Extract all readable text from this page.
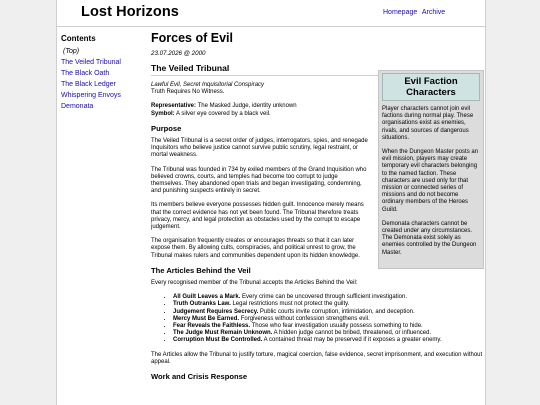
Lost Horizons	Homepage Archive
Contents
(Top)
The Veiled Tribunal
The Black Oath
The Black Ledger
Whispering Envoys
Demonata
Forces of Evil
23.07.2026 @ 2000
The Veiled Tribunal

Lawful Evil, Secret Inquisitorial Conspiracy

Truth Requires No Witness.

Representative: The Masked Judge, identity unknown
Symbol: A silver eye covered by a black veil.

Purpose

The Veiled Tribunal is a secret order of judges, interrogators, spies, and renegade Inquisitors who believe justice cannot survive public scrutiny, legal restraint, or mortal weakness.

The Tribunal was founded in 734 by exiled members of the Grand Inquisition who believed crowns, courts, and temples had become too corrupt to judge themselves. They abandoned open trials and began investigating, condemning, and punishing suspects entirely in secret.

Its members believe everyone possesses hidden guilt. Innocence merely means that the correct evidence has not yet been found. The Tribunal therefore treats privacy, mercy, and legal protection as obstacles used by the corrupt to escape judgement.

The organisation frequently creates or encourages threats so that it can later expose them. By allowing cults, conspiracies, and political unrest to grow, the Tribunal makes rulers and communities dependent upon its hidden knowledge.

The Articles Behind the Veil

Every recognised member of the Tribunal accepts the Articles Behind the Veil:

• All Guilt Leaves a Mark. Every crime can be uncovered through sufficient investigation.
• Truth Outranks Law. Legal restrictions must not protect the guilty.
• Judgement Requires Secrecy. Public courts invite corruption, intimidation, and deception.
• Mercy Must Be Earned. Forgiveness without confession strengthens evil.
• Fear Reveals the Faithless. Those who fear investigation usually possess something to hide.
• The Judge Must Remain Unknown. A hidden judge cannot be bribed, threatened, or influenced.
• Corruption Must Be Controlled. A contained threat may be preserved if it exposes a greater enemy.

The Articles allow the Tribunal to justify torture, magical coercion, false evidence, secret imprisonment, and execution without appeal.

Work and Crisis Response
Evil Faction Characters

Player characters cannot join evil factions during normal play. These organisations exist as enemies, rivals, and sources of dangerous situations.

When the Dungeon Master posts an evil mission, players may create temporary evil characters belonging to the named faction. These characters are used only for that mission or connected series of missions and do not become ordinary members of the Heroes Guild.

Demonata characters cannot be created under any circumstances. The Demonata exist solely as enemies controlled by the Dungeon Master.
